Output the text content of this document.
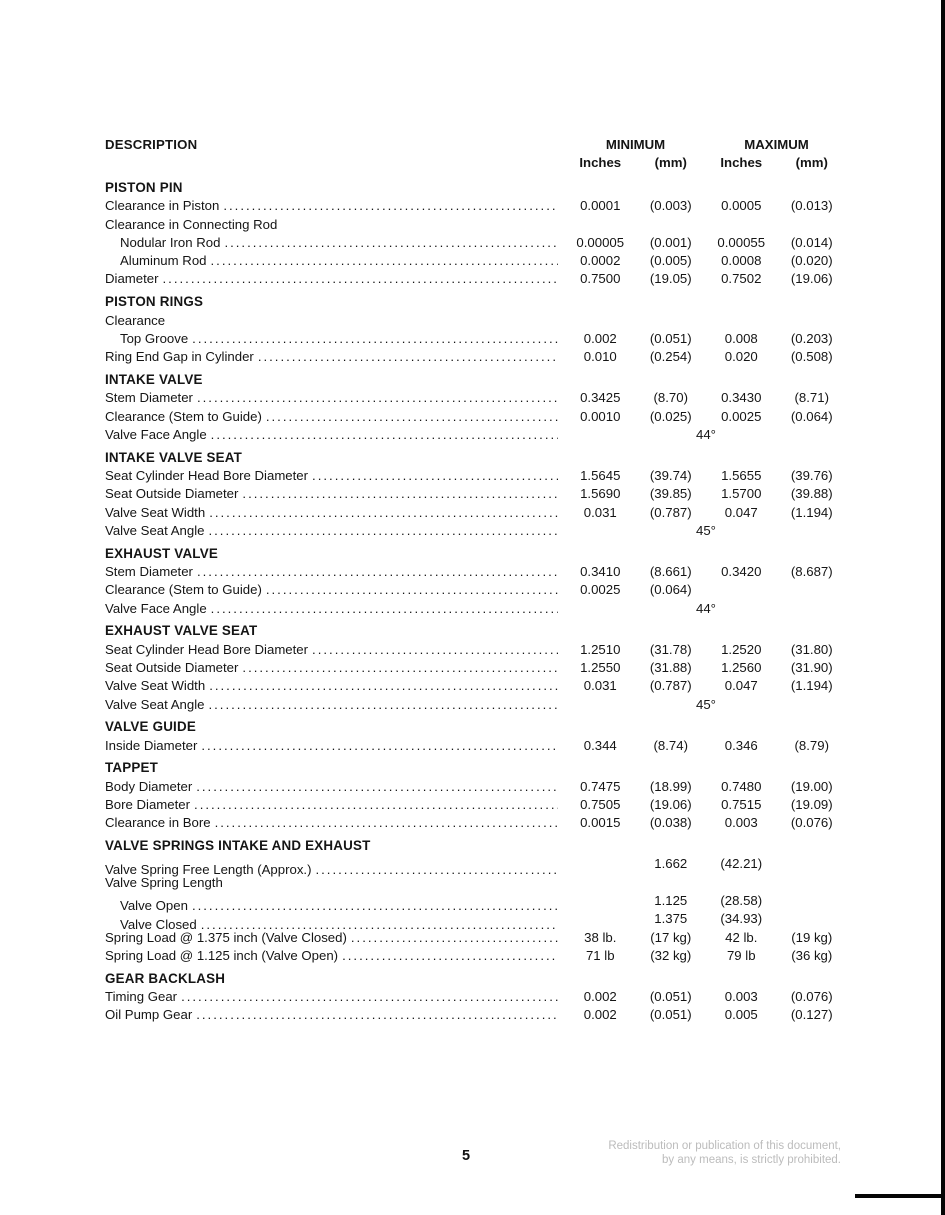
DESCRIPTION	MINIMUM	MAXIMUM
Inches	(mm)	Inches	(mm)
PISTON PIN
Clearance in Piston .....	0.0001	(0.003)	0.0005	(0.013)
Clearance in Connecting Rod
Nodular Iron Rod .....	0.00005	(0.001)	0.00055	(0.014)
Aluminum Rod .....	0.0002	(0.005)	0.0008	(0.020)
Diameter .....	0.7500	(19.05)	0.7502	(19.06)
PISTON RINGS
Clearance
Top Groove .....	0.002	(0.051)	0.008	(0.203)
Ring End Gap in Cylinder .....	0.010	(0.254)	0.020	(0.508)
INTAKE VALVE
Stem Diameter .....	0.3425	(8.70)	0.3430	(8.71)
Clearance (Stem to Guide) .....	0.0010	(0.025)	0.0025	(0.064)
Valve Face Angle .....	44°
INTAKE VALVE SEAT
Seat Cylinder Head Bore Diameter .....	1.5645	(39.74)	1.5655	(39.76)
Seat Outside Diameter .....	1.5690	(39.85)	1.5700	(39.88)
Valve Seat Width .....	0.031	(0.787)	0.047	(1.194)
Valve Seat Angle .....	45°
EXHAUST VALVE
Stem Diameter .....	0.3410	(8.661)	0.3420	(8.687)
Clearance (Stem to Guide) .....	0.0025	(0.064)
Valve Face Angle .....	44°
EXHAUST VALVE SEAT
Seat Cylinder Head Bore Diameter .....	1.2510	(31.78)	1.2520	(31.80)
Seat Outside Diameter .....	1.2550	(31.88)	1.2560	(31.90)
Valve Seat Width .....	0.031	(0.787)	0.047	(1.194)
Valve Seat Angle .....	45°
VALVE GUIDE
Inside Diameter .....	0.344	(8.74)	0.346	(8.79)
TAPPET
Body Diameter .....	0.7475	(18.99)	0.7480	(19.00)
Bore Diameter .....	0.7505	(19.06)	0.7515	(19.09)
Clearance in Bore .....	0.0015	(0.038)	0.003	(0.076)
VALVE SPRINGS INTAKE AND EXHAUST
Valve Spring Free Length (Approx.) .....	1.662	(42.21)
Valve Spring Length
Valve Open .....	1.125	(28.58)
Valve Closed .....	1.375	(34.93)
Spring Load @ 1.375 inch (Valve Closed) .....	38 lb.	(17 kg)	42 lb.	(19 kg)
Spring Load @ 1.125 inch (Valve Open) .....	71 lb	(32 kg)	79 lb	(36 kg)
GEAR BACKLASH
Timing Gear .....	0.002	(0.051)	0.003	(0.076)
Oil Pump Gear .....	0.002	(0.051)	0.005	(0.127)
5
Redistribution or publication of this document,
by any means, is strictly prohibited.
